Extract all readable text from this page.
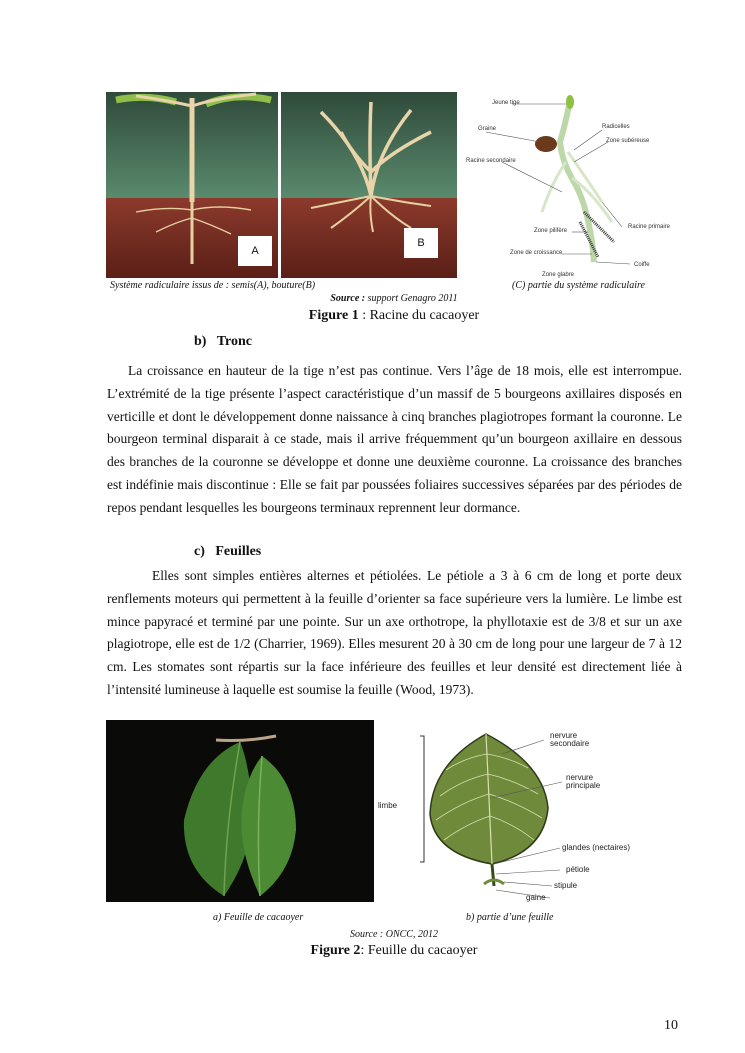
A
B
Jeune tige
Graine	Radicelles
Zone subéreuse
Racine secondaire
Racine primaire
Zone pilifère
Zone de croissance
Coiffe
Zone glabre
Système radiculaire issus de : semis(A), bouture(B)	(C) partie du système radiculaire
Source : support Genagro 2011
Figure 1 : Racine du cacaoyer
b)   Tronc
La croissance en hauteur de la tige n’est pas continue. Vers l’âge de 18 mois, elle est interrompue. L’extrémité de la tige présente l’aspect caractéristique d’un massif de 5 bourgeons axillaires disposés en verticille et dont le développement donne naissance à cinq branches plagiotropes formant la couronne. Le bourgeon terminal disparait à ce stade, mais il arrive fréquemment qu’un bourgeon axillaire en dessous des branches de la couronne se développe et donne une deuxième couronne. La croissance des branches est indéfinie mais discontinue : Elle se fait par poussées foliaires successives séparées par des périodes de repos pendant lesquelles les bourgeons terminaux reprennent leur dormance.
c)   Feuilles
Elles sont simples entières alternes et pétiolées. Le pétiole a 3 à 6 cm de long et porte deux renflements moteurs qui permettent à la feuille d’orienter sa face supérieure vers la lumière. Le limbe est mince papyracé et terminé par une pointe. Sur un axe orthotrope, la phyllotaxie est de 3/8 et sur un axe plagiotrope, elle est de 1/2 (Charrier, 1969). Elles mesurent 20 à 30 cm de long pour une largeur de 7 à 12 cm. Les stomates sont répartis sur la face inférieure des feuilles et leur densité est directement liée à l’intensité lumineuse à laquelle est soumise la feuille (Wood, 1973).
limbe
nervure
secondaire
nervure
principale
glandes (nectaires)
pétiole
stipule
gaine
a) Feuille de cacaoyer	b) partie d’une feuille
Source : ONCC, 2012
Figure 2: Feuille du cacaoyer
10
